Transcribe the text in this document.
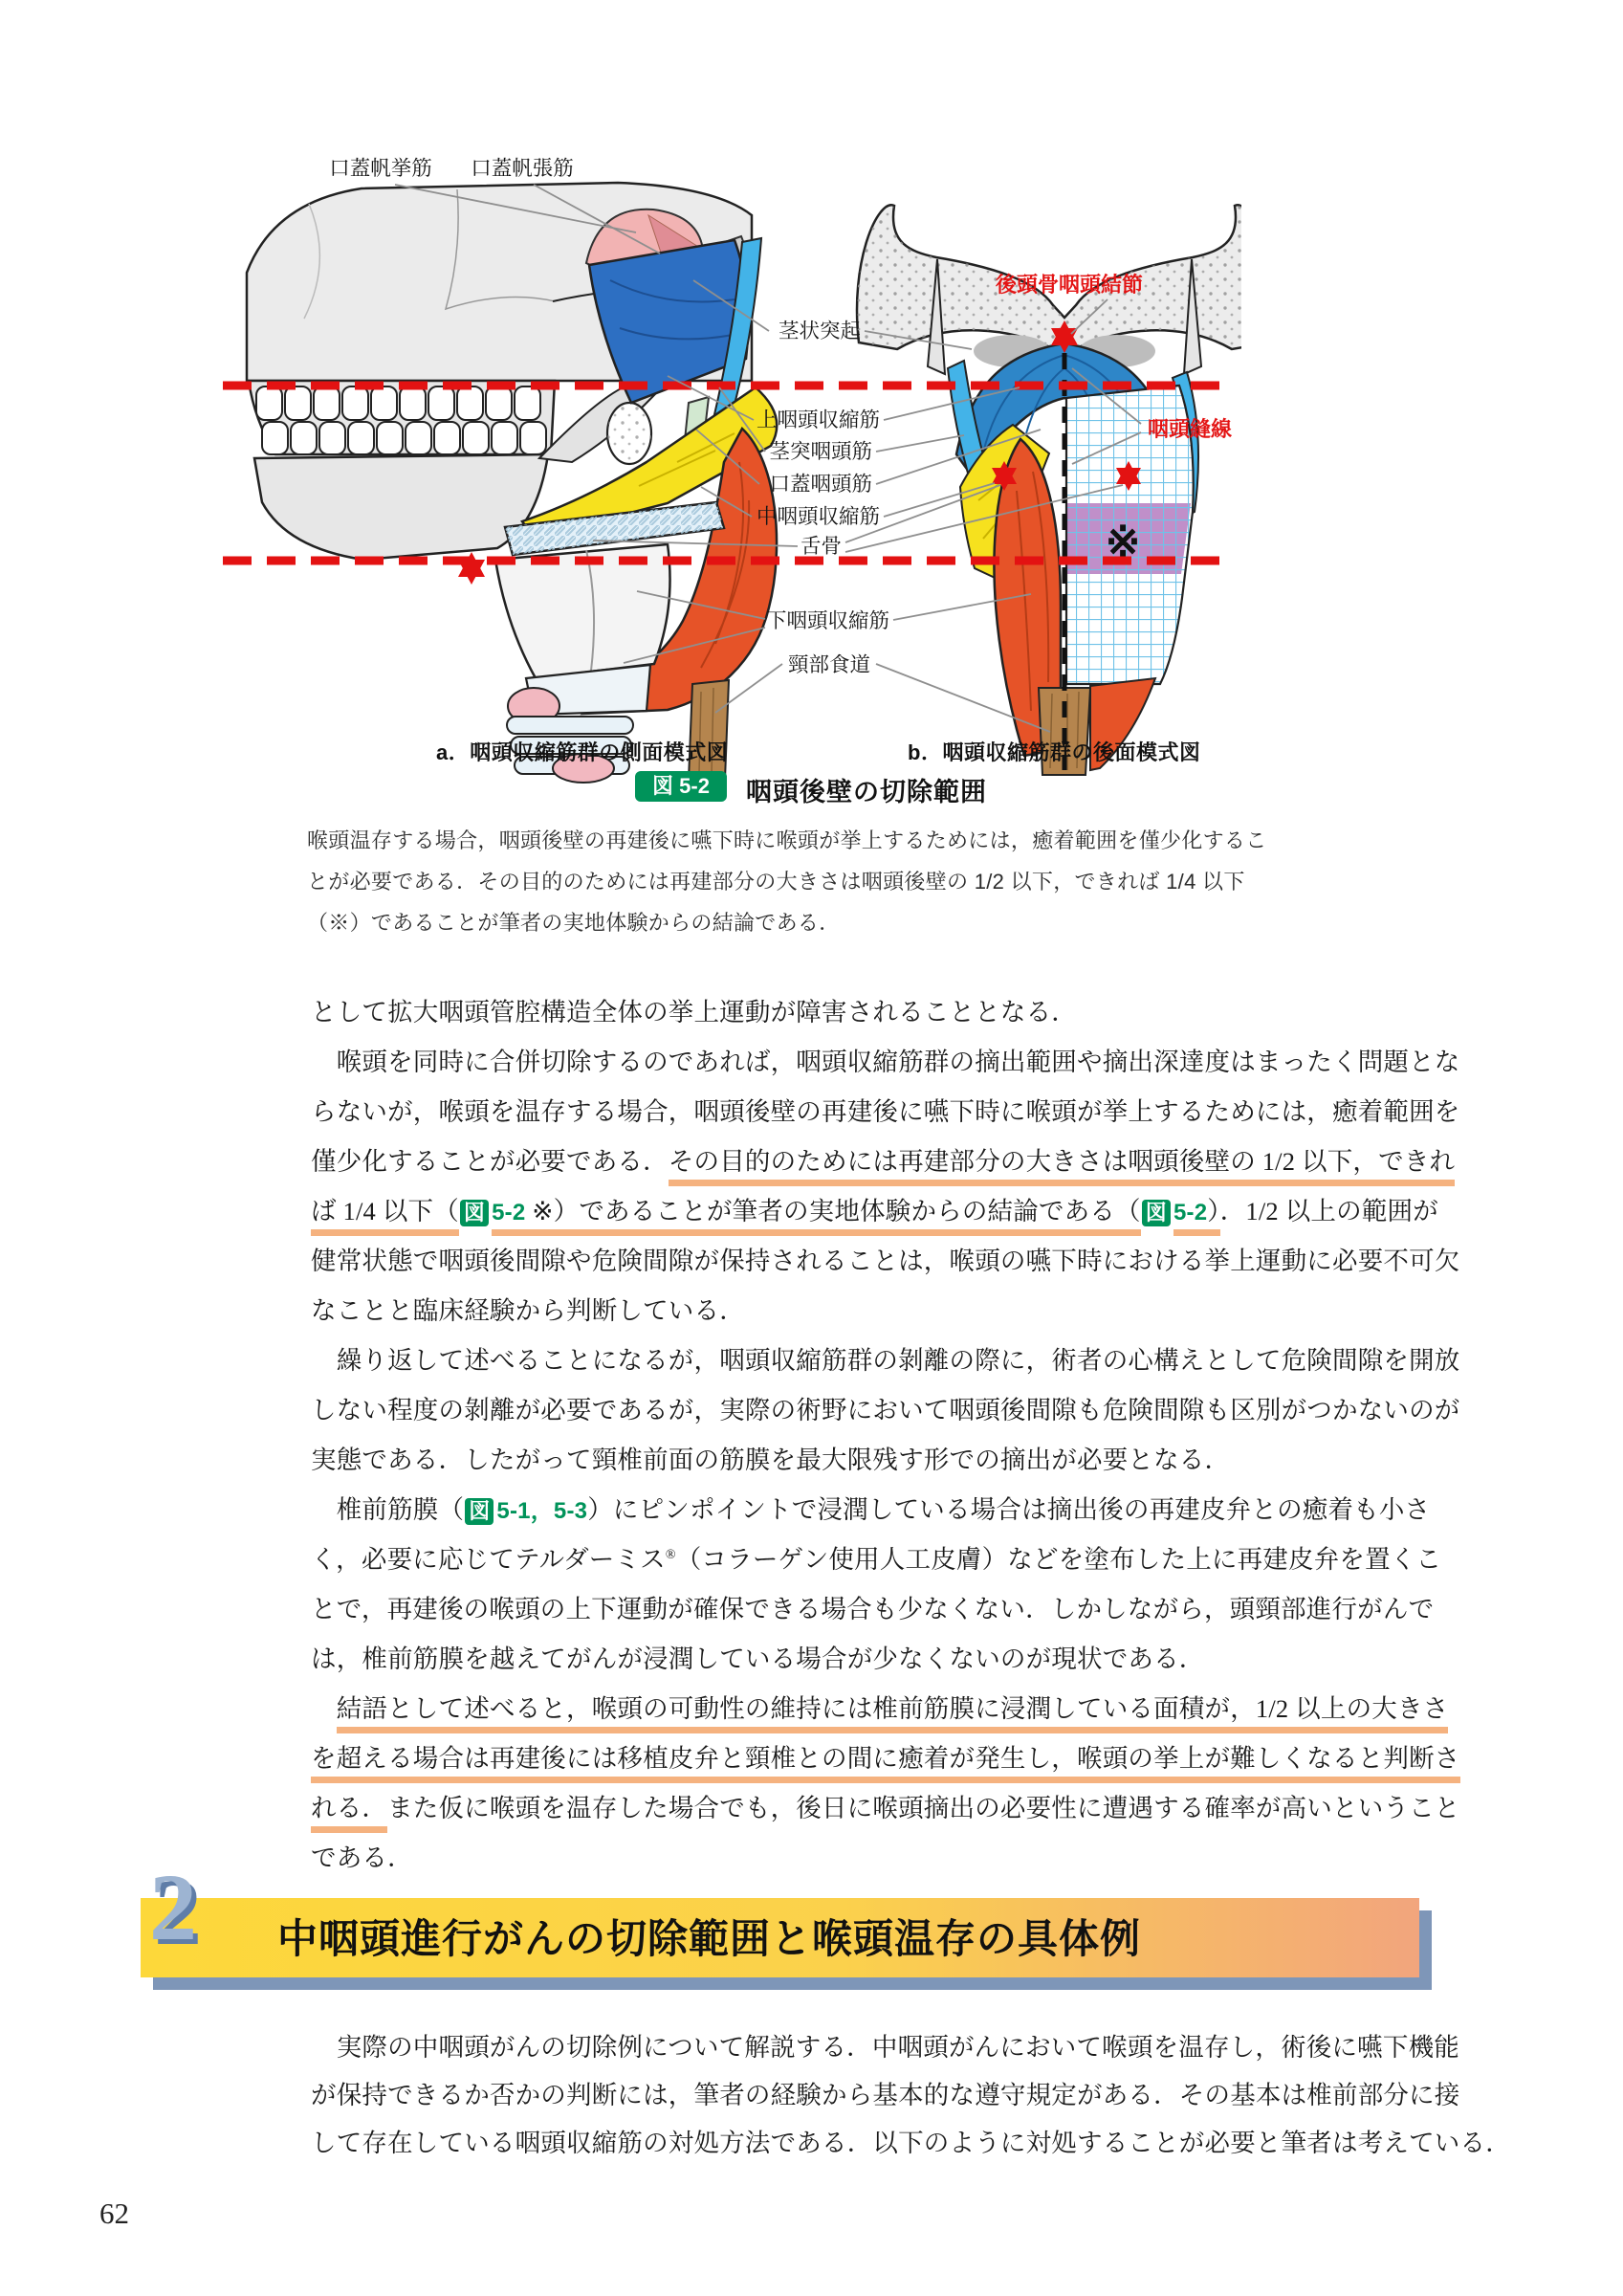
※
口蓋帆挙筋 口蓋帆張筋
茎状突起
後頭骨咽頭結節
咽頭縫線
上咽頭収縮筋
茎突咽頭筋
口蓋咽頭筋
中咽頭収縮筋
舌骨
下咽頭収縮筋
頸部食道
a．咽頭収縮筋群の側面模式図	b．咽頭収縮筋群の後面模式図
図 5-2	咽頭後壁の切除範囲
喉頭温存する場合，咽頭後壁の再建後に嚥下時に喉頭が挙上するためには，癒着範囲を僅少化するこ
とが必要である．その目的のためには再建部分の大きさは咽頭後壁の 1/2 以下，できれば 1/4 以下
（※）であることが筆者の実地体験からの結論である．
として拡大咽頭管腔構造全体の挙上運動が障害されることとなる．
　喉頭を同時に合併切除するのであれば，咽頭収縮筋群の摘出範囲や摘出深達度はまったく問題とな
らないが，喉頭を温存する場合，咽頭後壁の再建後に嚥下時に喉頭が挙上するためには，癒着範囲を
僅少化することが必要である．その目的のためには再建部分の大きさは咽頭後壁の 1/2 以下，できれ
ば 1/4 以下（ 図 5-2 ※）であることが筆者の実地体験からの結論である（ 図 5-2）．1/2 以上の範囲が
健常状態で咽頭後間隙や危険間隙が保持されることは，喉頭の嚥下時における挙上運動に必要不可欠
なことと臨床経験から判断している．
　繰り返して述べることになるが，咽頭収縮筋群の剝離の際に，術者の心構えとして危険間隙を開放
しない程度の剝離が必要であるが，実際の術野において咽頭後間隙も危険間隙も区別がつかないのが
実態である．したがって頸椎前面の筋膜を最大限残す形での摘出が必要となる．
　椎前筋膜（ 図 5-1，5-3）にピンポイントで浸潤している場合は摘出後の再建皮弁との癒着も小さ
く，必要に応じてテルダーミス®（コラーゲン使用人工皮膚）などを塗布した上に再建皮弁を置くこ
とで，再建後の喉頭の上下運動が確保できる場合も少なくない．しかしながら，頭頸部進行がんで
は，椎前筋膜を越えてがんが浸潤している場合が少なくないのが現状である．
　結語として述べると，喉頭の可動性の維持には椎前筋膜に浸潤している面積が，1/2 以上の大きさ
を超える場合は再建後には移植皮弁と頸椎との間に癒着が発生し，喉頭の挙上が難しくなると判断さ
れる．また仮に喉頭を温存した場合でも，後日に喉頭摘出の必要性に遭遇する確率が高いということ
である．
2 中咽頭進行がんの切除範囲と喉頭温存の具体例
　実際の中咽頭がんの切除例について解説する．中咽頭がんにおいて喉頭を温存し，術後に嚥下機能
が保持できるか否かの判断には，筆者の経験から基本的な遵守規定がある．その基本は椎前部分に接
して存在している咽頭収縮筋の対処方法である．以下のように対処することが必要と筆者は考えている．
62
